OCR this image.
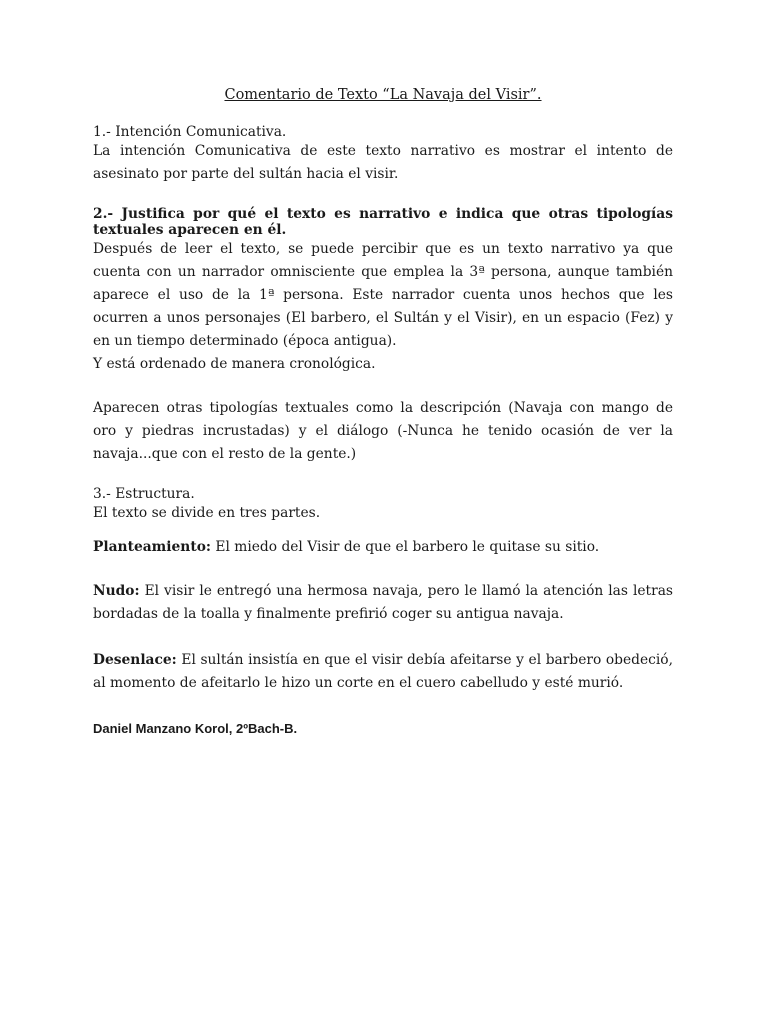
Comentario de Texto “La Navaja del Visir”.

1.- Intención Comunicativa.

La intención Comunicativa de este texto narrativo es mostrar el intento de asesinato por parte del sultán hacia el visir.

2.- Justifica por qué el texto es narrativo e indica que otras tipologías textuales aparecen en él.

Después de leer el texto, se puede percibir que es un texto narrativo ya que cuenta con un narrador omnisciente que emplea la 3ª persona, aunque también aparece el uso de la 1ª persona. Este narrador cuenta unos hechos que les ocurren a unos personajes (El barbero, el Sultán y el Visir), en un espacio (Fez) y en un tiempo determinado (época antigua).

Y está ordenado de manera cronológica.

Aparecen otras tipologías textuales como la descripción (Navaja con mango de oro y piedras incrustadas) y el diálogo (-Nunca he tenido ocasión de ver la navaja...que con el resto de la gente.)

3.- Estructura.

El texto se divide en tres partes.

Planteamiento: El miedo del Visir de que el barbero le quitase su sitio.

Nudo: El visir le entregó una hermosa navaja, pero le llamó la atención las letras bordadas de la toalla y finalmente prefirió coger su antigua navaja.

Desenlace: El sultán insistía en que el visir debía afeitarse y el barbero obedeció, al momento de afeitarlo le hizo un corte en el cuero cabelludo y esté murió.

Daniel Manzano Korol, 2ºBach-B.
